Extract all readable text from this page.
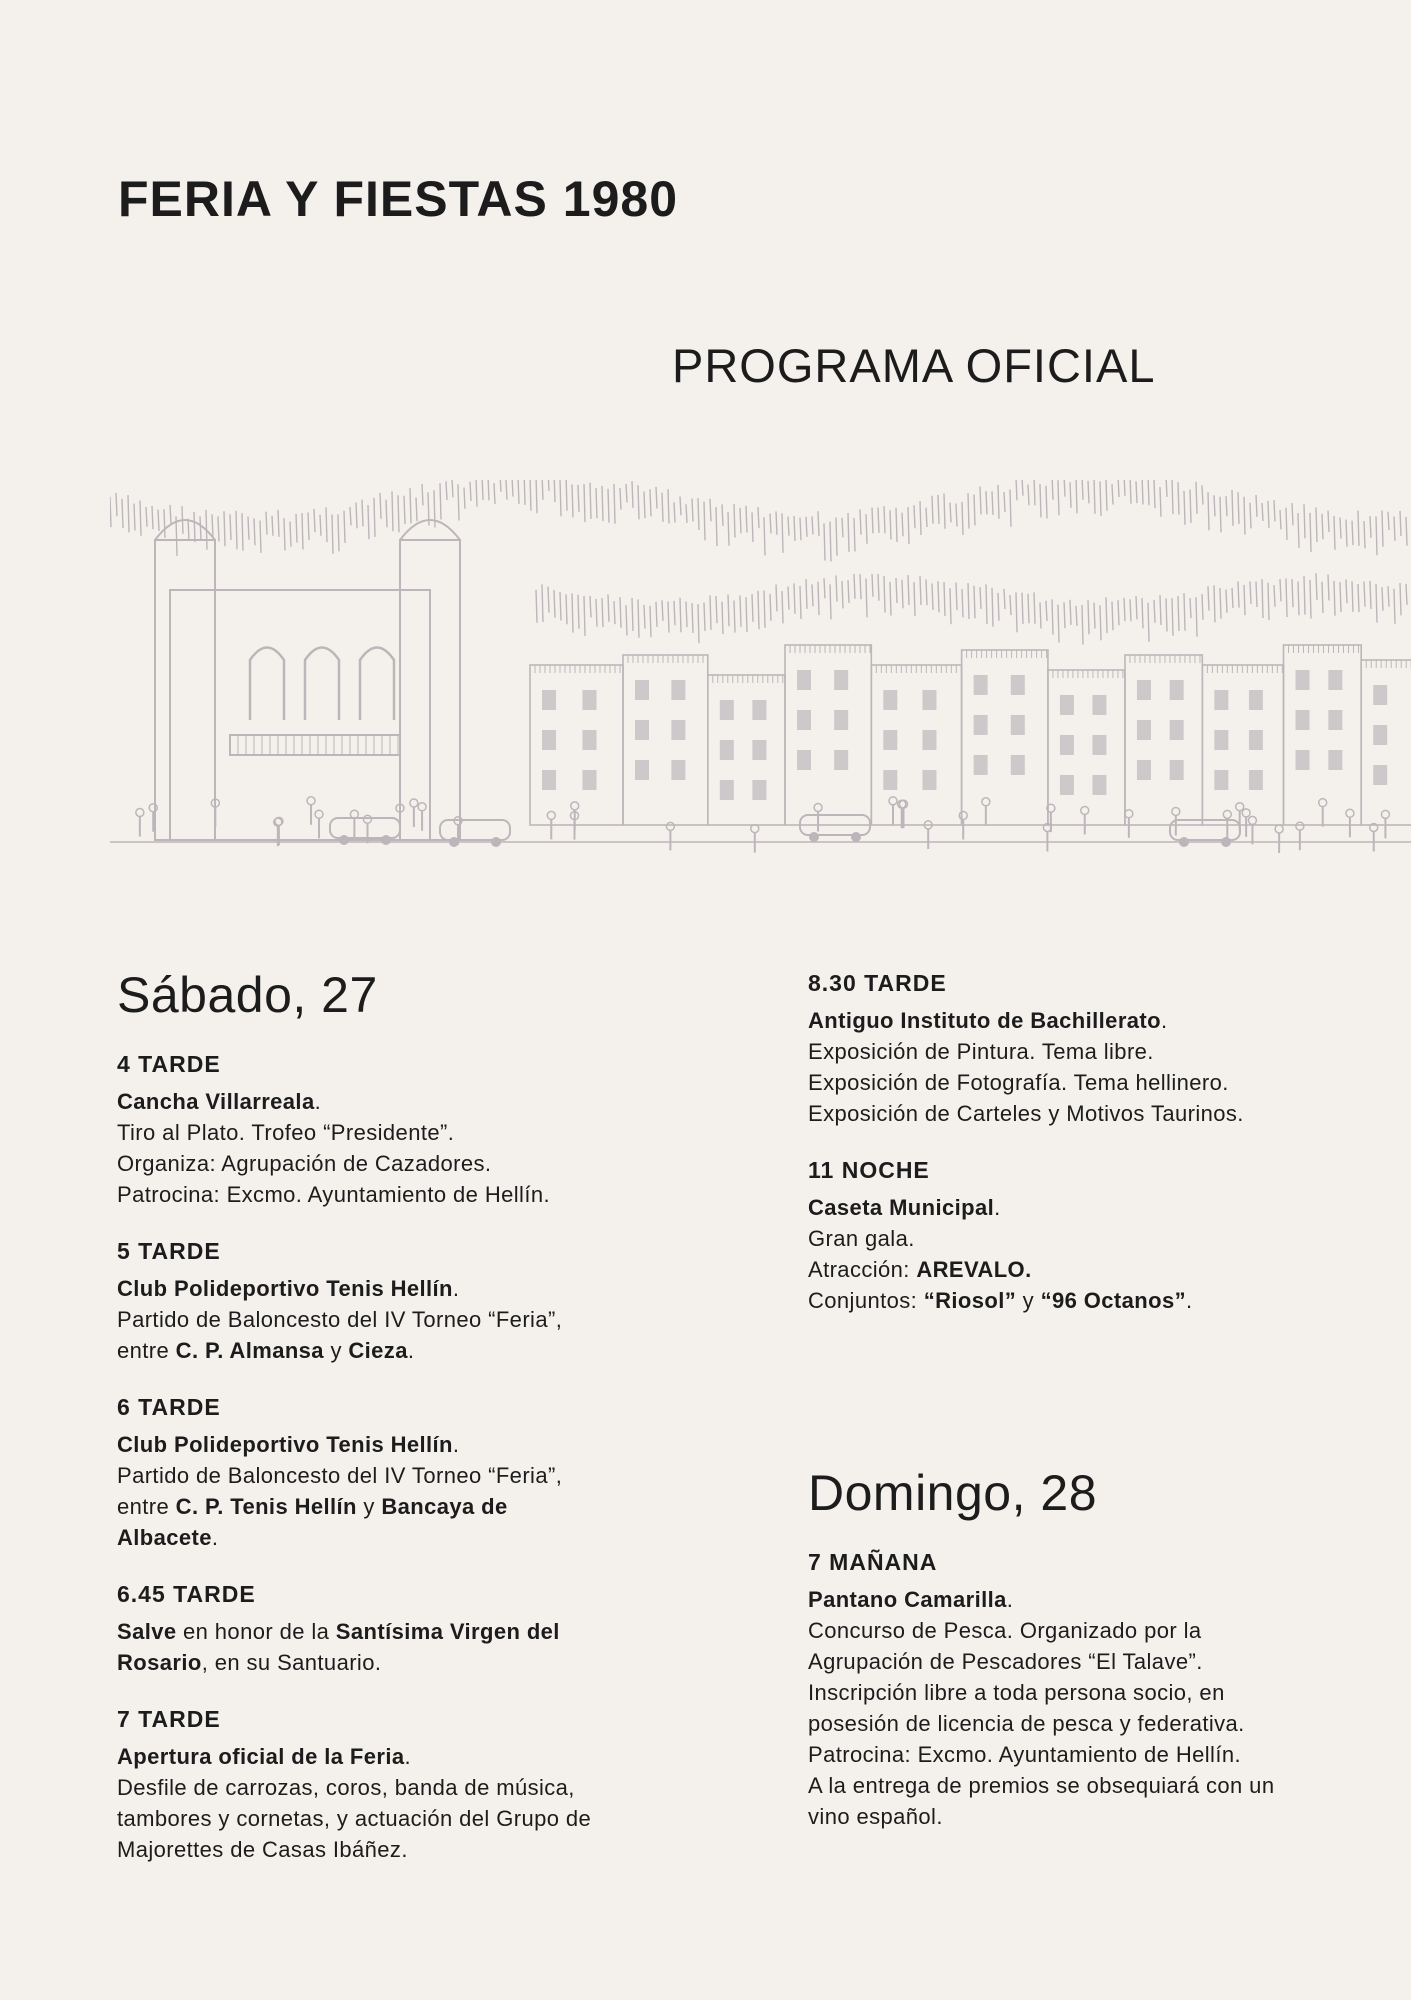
FERIA Y FIESTAS 1980
PROGRAMA OFICIAL
Sábado, 27
4 TARDE
Cancha Villarreala.
Tiro al Plato. Trofeo “Presidente”.
Organiza: Agrupación de Cazadores.
Patrocina: Excmo. Ayuntamiento de Hellín.
5 TARDE
Club Polideportivo Tenis Hellín.
Partido de Baloncesto del IV Torneo “Feria”,
entre C. P. Almansa y Cieza.
6 TARDE
Club Polideportivo Tenis Hellín.
Partido de Baloncesto del IV Torneo “Feria”,
entre C. P. Tenis Hellín y Bancaya de
Albacete.
6.45 TARDE
Salve en honor de la Santísima Virgen del
Rosario, en su Santuario.
7 TARDE
Apertura oficial de la Feria.
Desfile de carrozas, coros, banda de música,
tambores y cornetas, y actuación del Grupo de
Majorettes de Casas Ibáñez.
8.30 TARDE
Antiguo Instituto de Bachillerato.
Exposición de Pintura. Tema libre.
Exposición de Fotografía. Tema hellinero.
Exposición de Carteles y Motivos Taurinos.
11 NOCHE
Caseta Municipal.
Gran gala.
Atracción: AREVALO.
Conjuntos: “Riosol” y “96 Octanos”.
Domingo, 28
7 MAÑANA
Pantano Camarilla.
Concurso de Pesca. Organizado por la
Agrupación de Pescadores “El Talave”.
Inscripción libre a toda persona socio, en
posesión de licencia de pesca y federativa.
Patrocina: Excmo. Ayuntamiento de Hellín.
A la entrega de premios se obsequiará con un
vino español.
